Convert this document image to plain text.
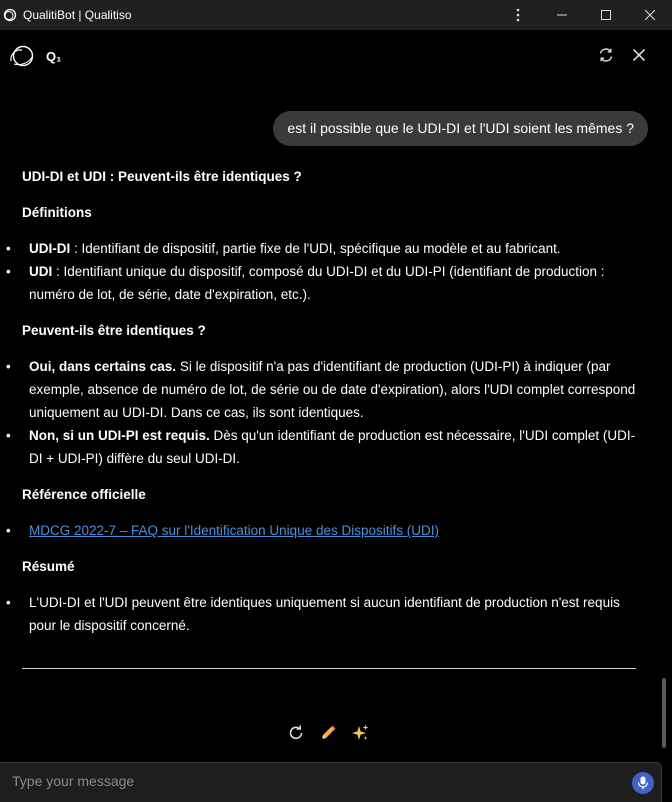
QualitiBot | Qualitiso
Q₁
est il possible que le UDI-DI et l'UDI soient les mêmes ?
UDI-DI et UDI : Peuvent-ils être identiques ?
Définitions
• UDI-DI : Identifiant de dispositif, partie fixe de l'UDI, spécifique au modèle et au fabricant.
• UDI : Identifiant unique du dispositif, composé du UDI-DI et du UDI-PI (identifiant de production : numéro de lot, de série, date d'expiration, etc.).
Peuvent-ils être identiques ?
• Oui, dans certains cas. Si le dispositif n'a pas d'identifiant de production (UDI-PI) à indiquer (par exemple, absence de numéro de lot, de série ou de date d'expiration), alors l'UDI complet correspond uniquement au UDI-DI. Dans ce cas, ils sont identiques.
• Non, si un UDI-PI est requis. Dès qu'un identifiant de production est nécessaire, l'UDI complet (UDI-DI + UDI-PI) diffère du seul UDI-DI.
Référence officielle
• MDCG 2022-7 – FAQ sur l'Identification Unique des Dispositifs (UDI)
Résumé
• L'UDI-DI et l'UDI peuvent être identiques uniquement si aucun identifiant de production n'est requis pour le dispositif concerné.
Type your message
